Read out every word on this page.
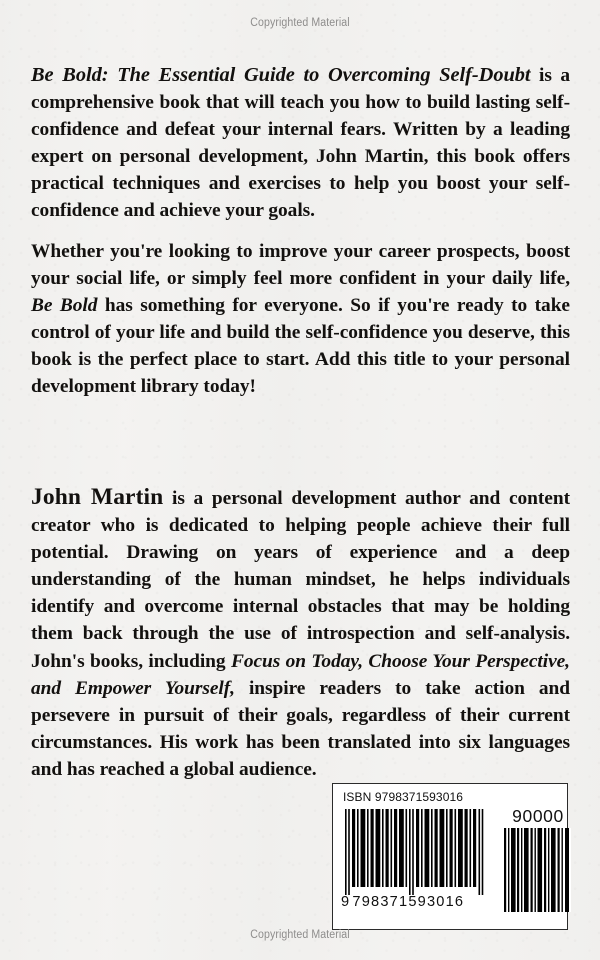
Copyrighted Material

Be Bold: The Essential Guide to Overcoming Self-Doubt is a comprehensive book that will teach you how to build lasting self-confidence and defeat your internal fears. Written by a leading expert on personal development, John Martin, this book offers practical techniques and exercises to help you boost your self-confidence and achieve your goals.

Whether you're looking to improve your career prospects, boost your social life, or simply feel more confident in your daily life, Be Bold has something for everyone. So if you're ready to take control of your life and build the self-confidence you deserve, this book is the perfect place to start. Add this title to your personal development library today!

John Martin is a personal development author and content creator who is dedicated to helping people achieve their full potential. Drawing on years of experience and a deep understanding of the human mindset, he helps individuals identify and overcome internal obstacles that may be holding them back through the use of introspection and self-analysis. John's books, including Focus on Today, Choose Your Perspective, and Empower Yourself, inspire readers to take action and persevere in pursuit of their goals, regardless of their current circumstances. His work has been translated into six languages and has reached a global audience.

ISBN 9798371593016
9 798371593016
90000
Copyrighted Material
